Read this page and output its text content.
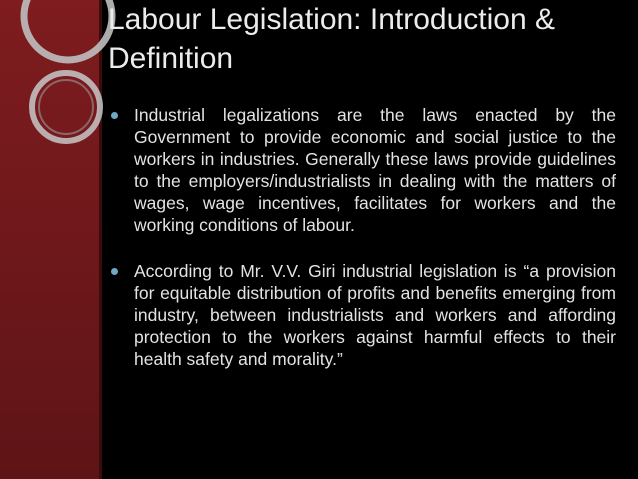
Labour Legislation: Introduction & Definition

Industrial legalizations are the laws enacted by the Government to provide economic and social justice to the workers in industries. Generally these laws provide guidelines to the employers/industrialists in dealing with the matters of wages, wage incentives, facilitates for workers and the working conditions of labour.

According to Mr. V.V. Giri industrial legislation is “a provision for equitable distribution of profits and benefits emerging from industry, between industrialists and workers and affording protection to the workers against harmful effects to their health safety and morality.”
